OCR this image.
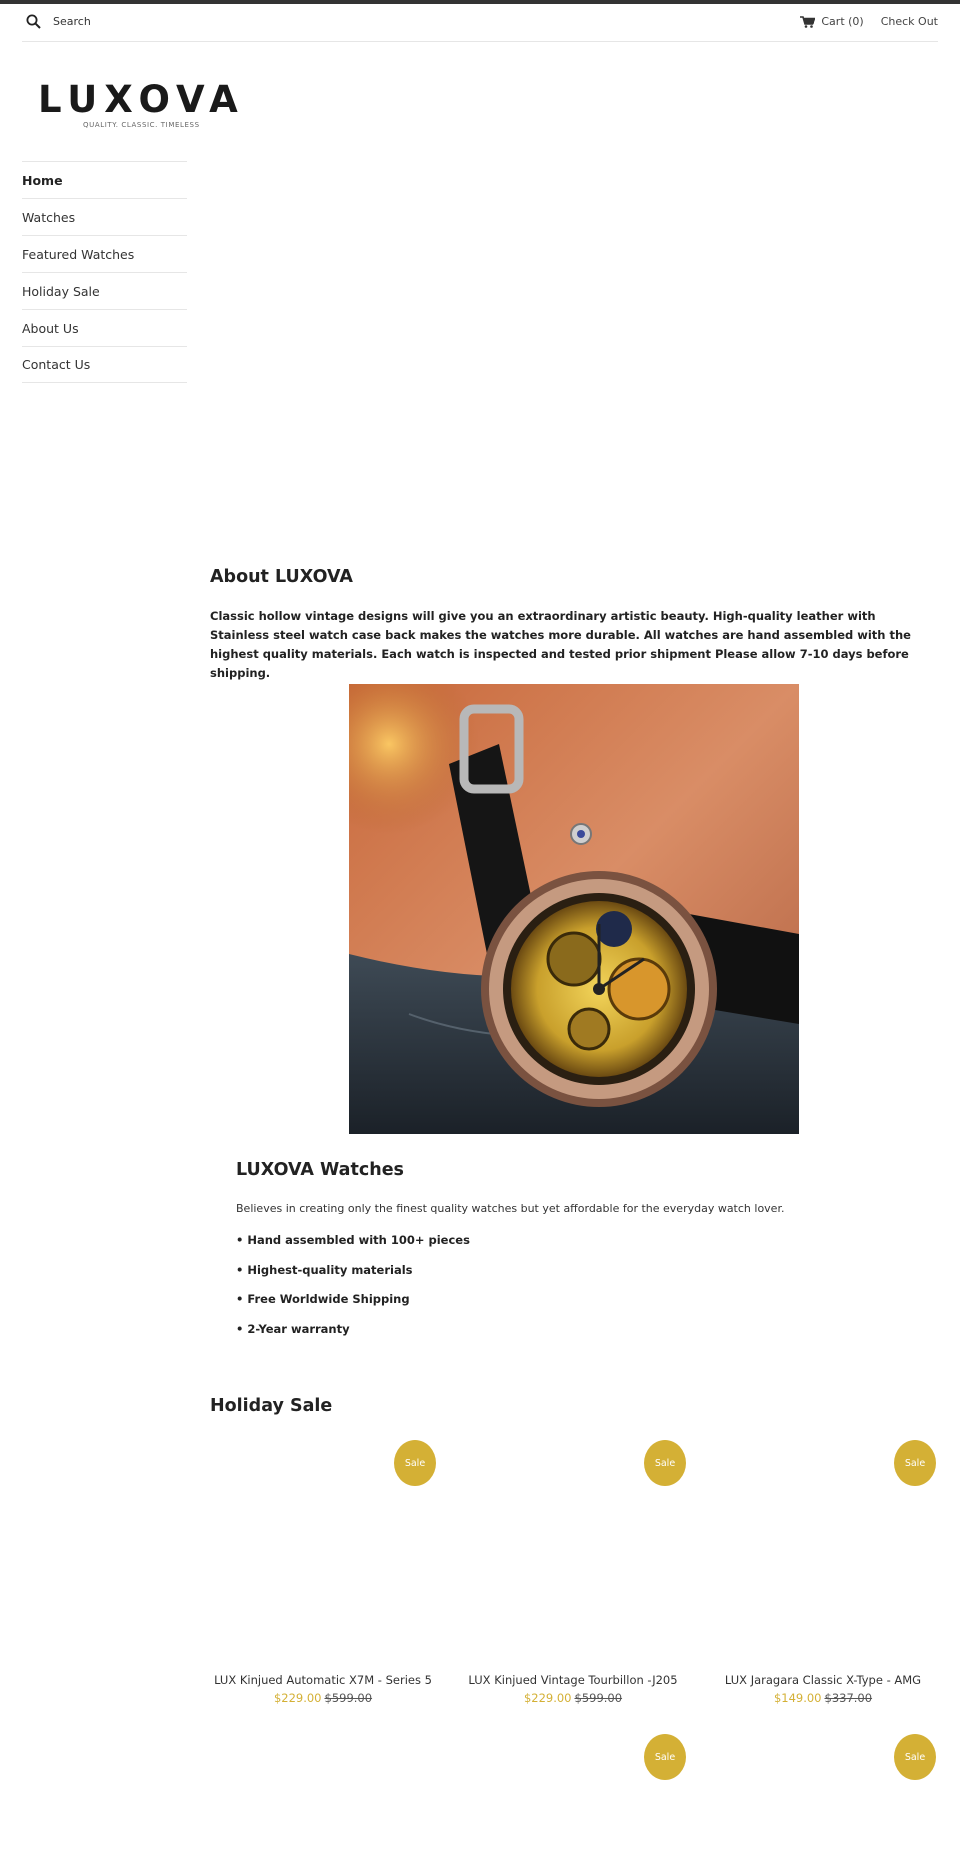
Search	Cart (0) Check Out
LUXOVA
QUALITY. CLASSIC. TIMELESS
Home
Watches
Featured Watches
Holiday Sale
About Us
Contact Us
About LUXOVA

Classic hollow vintage designs will give you an extraordinary artistic beauty. High-quality leather with Stainless steel watch case back makes the watches more durable. All watches are hand assembled with the highest quality materials. Each watch is inspected and tested prior shipment Please allow 7-10 days before shipping.

LUXOVA Watches

Believes in creating only the finest quality watches but yet affordable for the everyday watch lover.

• Hand assembled with 100+ pieces
• Highest-quality materials
• Free Worldwide Shipping
• 2-Year warranty
Holiday Sale
Sale	Sale	Sale
LUX Kinjued Automatic X7M - Series 5
$229.00 $599.00
LUX Kinjued Vintage Tourbillon -J205
$229.00 $599.00
LUX Jaragara Classic X-Type - AMG
$149.00 $337.00
Sale	Sale
